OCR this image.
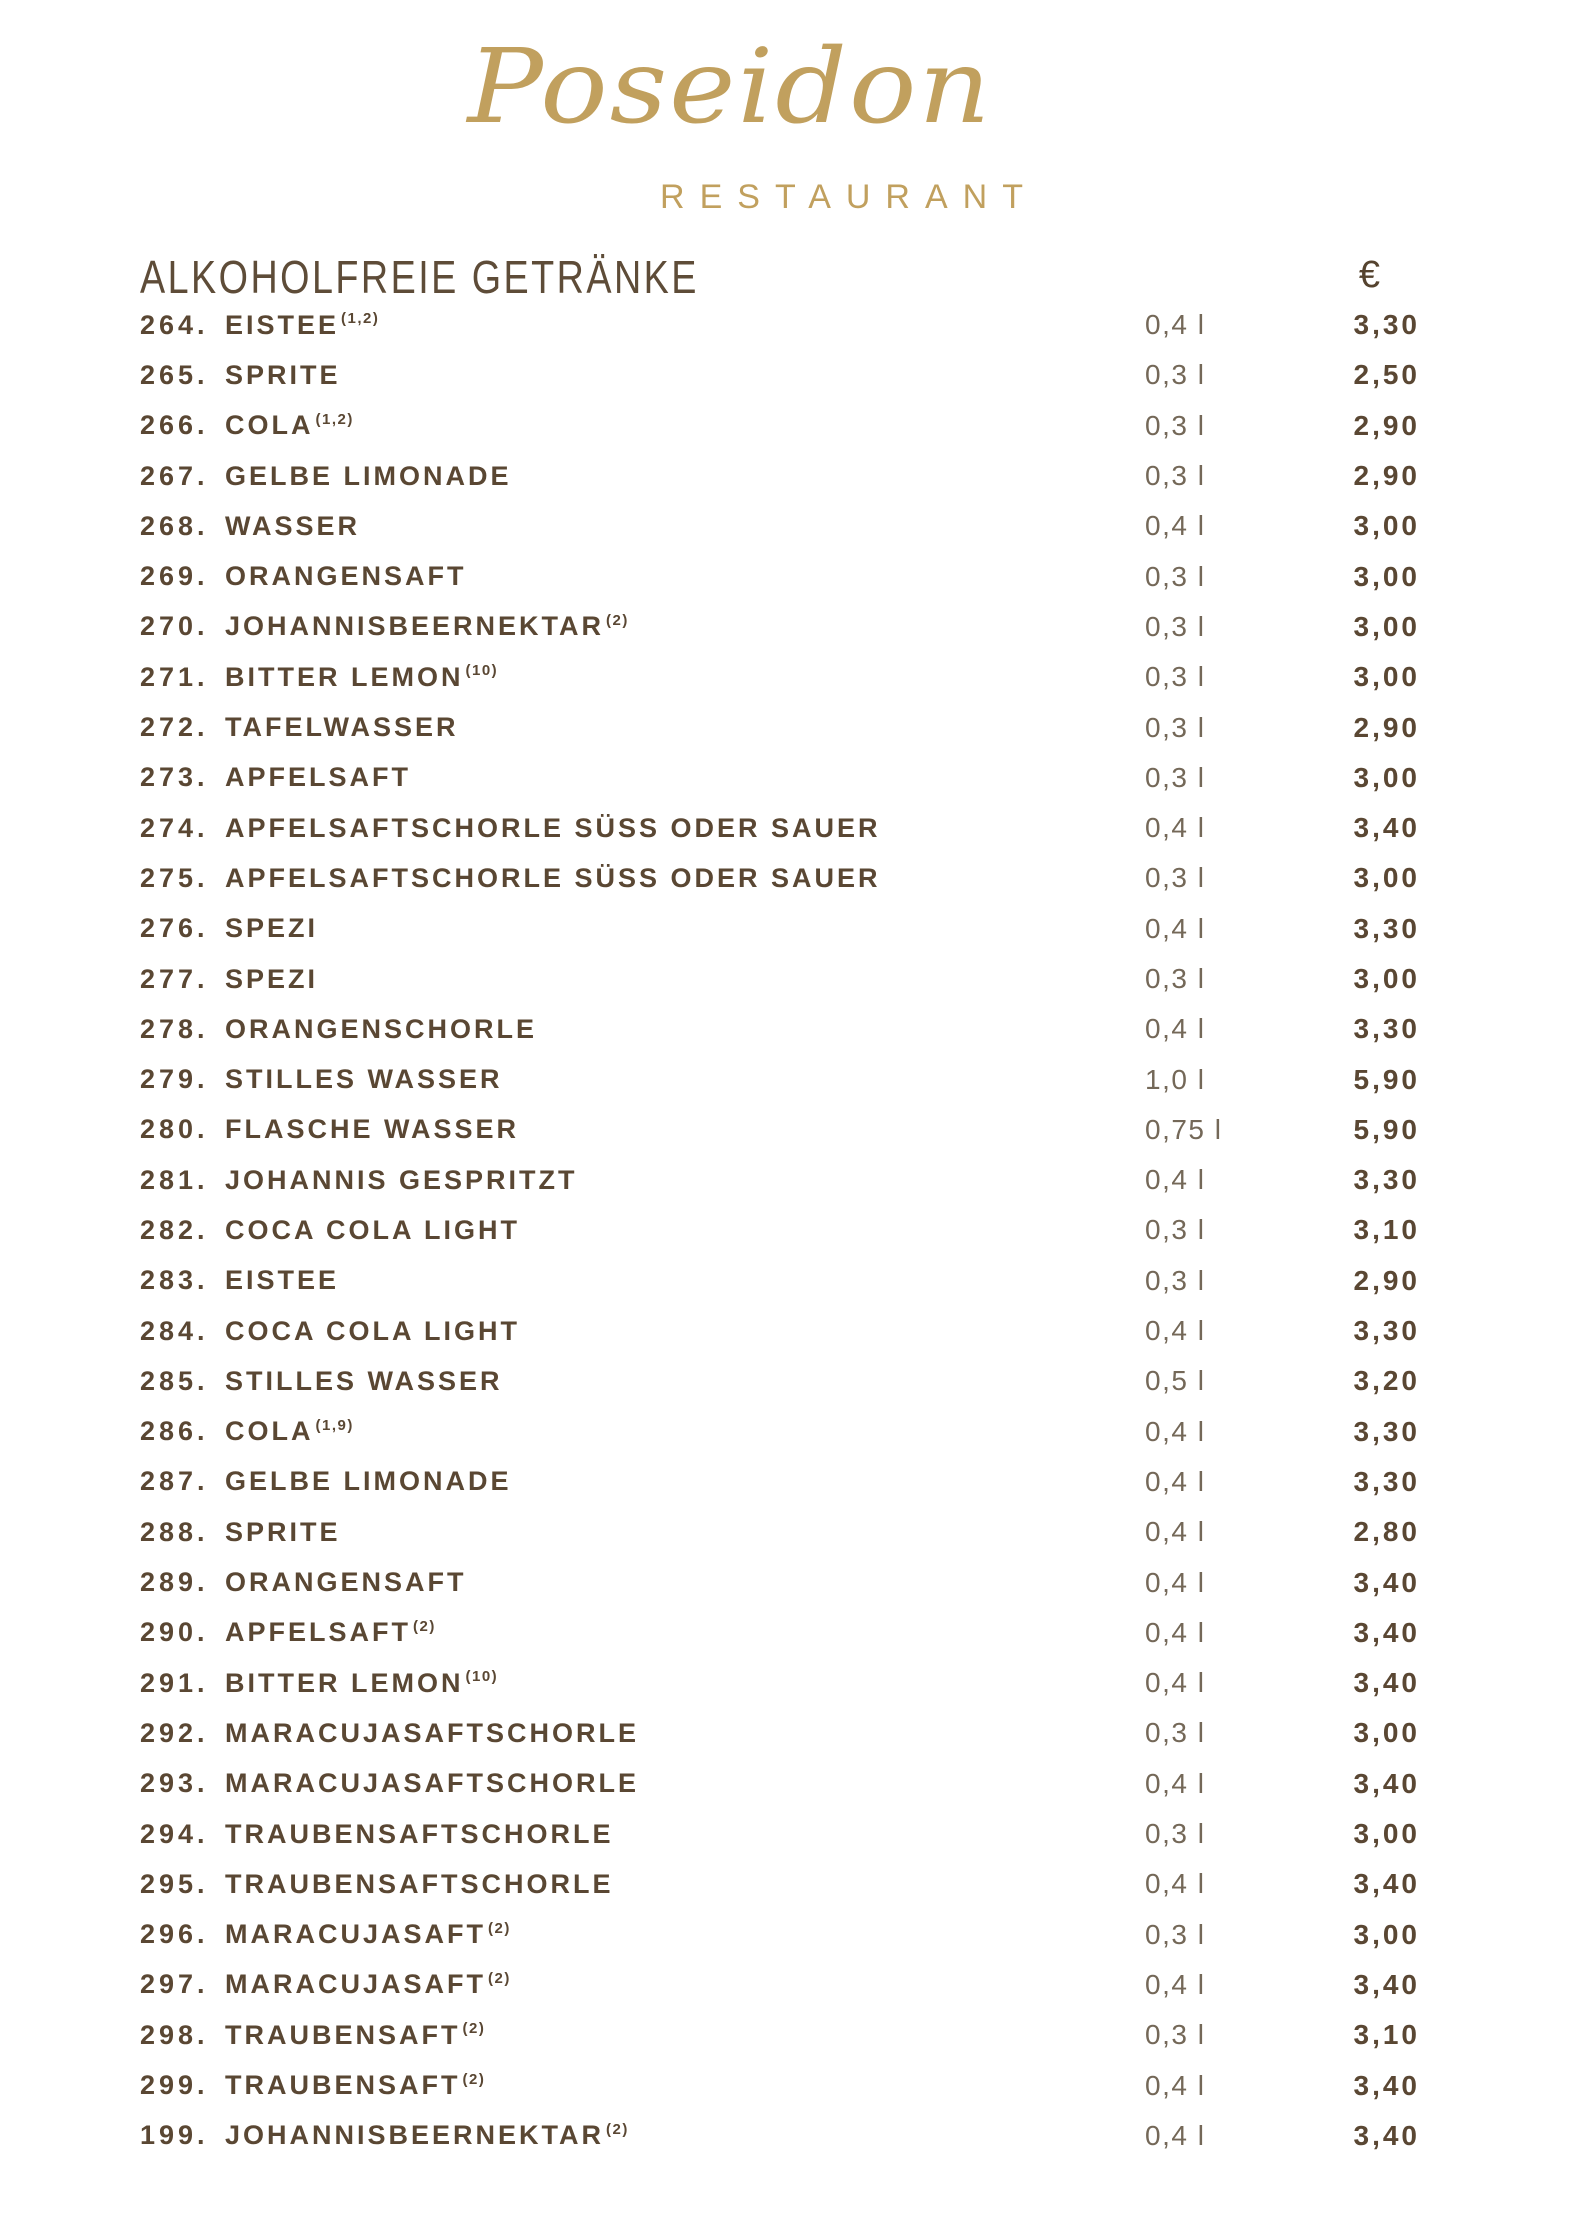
Poseidon
RESTAURANT
ALKOHOLFREIE GETRÄNKE	€
264. EISTEE $^{(1,2)}$	0,4 l	3,30
265. SPRITE	0,3 l	2,50
266. COLA $^{(1,2)}$	0,3 l	2,90
267. GELBE LIMONADE	0,3 l	2,90
268. WASSER	0,4 l	3,00
269. ORANGENSAFT	0,3 l	3,00
270. JOHANNISBEERNEKTAR $^{(2)}$	0,3 l	3,00
271. BITTER LEMON $^{(10)}$	0,3 l	3,00
272. TAFELWASSER	0,3 l	2,90
273. APFELSAFT	0,3 l	3,00
274. APFELSAFTSCHORLE SÜSS ODER SAUER	0,4 l	3,40
275. APFELSAFTSCHORLE SÜSS ODER SAUER	0,3 l	3,00
276. SPEZI	0,4 l	3,30
277. SPEZI	0,3 l	3,00
278. ORANGENSCHORLE	0,4 l	3,30
279. STILLES WASSER	1,0 l	5,90
280. FLASCHE WASSER	0,75 l	5,90
281. JOHANNIS GESPRITZT	0,4 l	3,30
282. COCA COLA LIGHT	0,3 l	3,10
283. EISTEE	0,3 l	2,90
284. COCA COLA LIGHT	0,4 l	3,30
285. STILLES WASSER	0,5 l	3,20
286. COLA $^{(1,9)}$	0,4 l	3,30
287. GELBE LIMONADE	0,4 l	3,30
288. SPRITE	0,4 l	2,80
289. ORANGENSAFT	0,4 l	3,40
290. APFELSAFT $^{(2)}$	0,4 l	3,40
291. BITTER LEMON $^{(10)}$	0,4 l	3,40
292. MARACUJASAFTSCHORLE	0,3 l	3,00
293. MARACUJASAFTSCHORLE	0,4 l	3,40
294. TRAUBENSAFTSCHORLE	0,3 l	3,00
295. TRAUBENSAFTSCHORLE	0,4 l	3,40
296. MARACUJASAFT $^{(2)}$	0,3 l	3,00
297. MARACUJASAFT $^{(2)}$	0,4 l	3,40
298. TRAUBENSAFT $^{(2)}$	0,3 l	3,10
299. TRAUBENSAFT $^{(2)}$	0,4 l	3,40
199. JOHANNISBEERNEKTAR $^{(2)}$	0,4 l	3,40
